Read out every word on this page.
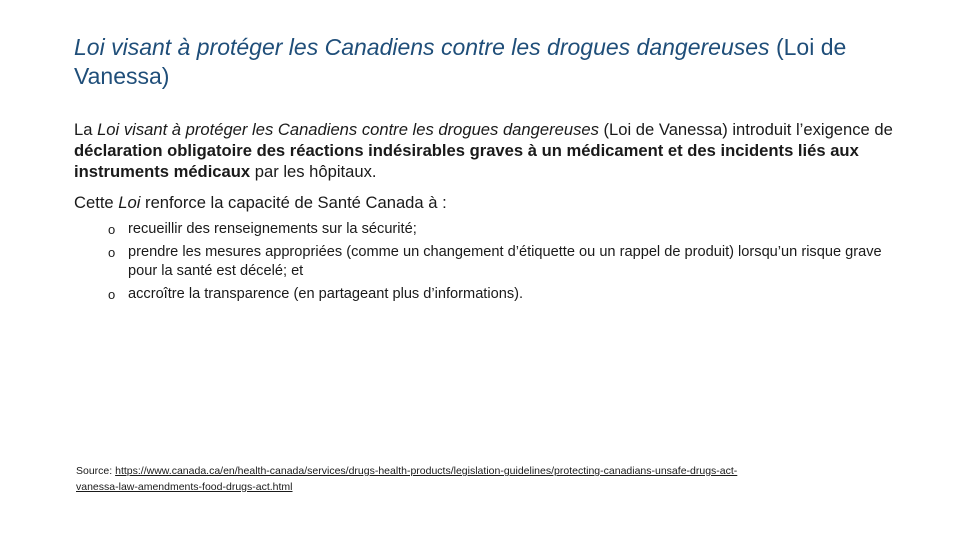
Loi visant à protéger les Canadiens contre les drogues dangereuses (Loi de Vanessa)

La Loi visant à protéger les Canadiens contre les drogues dangereuses (Loi de Vanessa) introduit l’exigence de déclaration obligatoire des réactions indésirables graves à un médicament et des incidents liés aux instruments médicaux par les hôpitaux.

Cette Loi renforce la capacité de Santé Canada à :

o recueillir des renseignements sur la sécurité;
o prendre les mesures appropriées (comme un changement d’étiquette ou un rappel de produit) lorsqu’un risque grave pour la santé est décelé; et
o accroître la transparence (en partageant plus d’informations).

Source: https://www.canada.ca/en/health-canada/services/drugs-health-products/legislation-guidelines/protecting-canadians-unsafe-drugs-act-vanessa-law-amendments-food-drugs-act.html
